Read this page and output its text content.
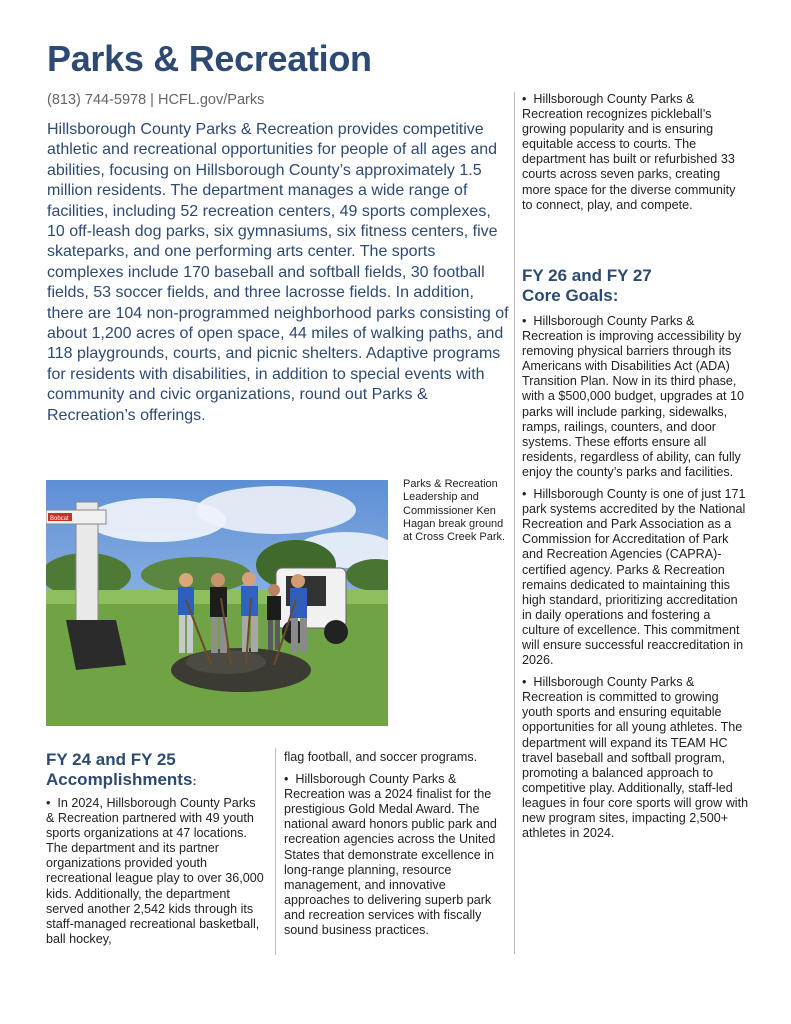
Parks & Recreation
(813) 744-5978 | HCFL.gov/Parks
Hillsborough County Parks & Recreation provides competitive athletic and recreational opportunities for people of all ages and abilities, focusing on Hillsborough County’s approximately 1.5 million residents. The department manages a wide range of facilities, including 52 recreation centers, 49 sports complexes, 10 off-leash dog parks, six gymnasiums, six fitness centers, five skateparks, and one performing arts center. The sports complexes include 170 baseball and softball fields, 30 football fields, 53 soccer fields, and three lacrosse fields. In addition, there are 104 non-programmed neighborhood parks consisting of about 1,200 acres of open space, 44 miles of walking paths, and 118 playgrounds, courts, and picnic shelters. Adaptive programs for residents with disabilities, in addition to special events with community and civic organizations, round out Parks & Recreation’s offerings.
Bobcat
Parks & Recreation Leadership and Commissioner Ken Hagan break ground at Cross Creek Park.
FY 24 and FY 25
Accomplishments:
• In 2024, Hillsborough County Parks & Recreation partnered with 49 youth sports organizations at 47 locations. The department and its partner organizations provided youth recreational league play to over 36,000 kids. Additionally, the department served another 2,542 kids through its staff-managed recreational basketball, ball hockey,

flag football, and soccer programs.

• Hillsborough County Parks & Recreation was a 2024 finalist for the prestigious Gold Medal Award. The national award honors public park and recreation agencies across the United States that demonstrate excellence in long-range planning, resource management, and innovative approaches to delivering superb park and recreation services with fiscally sound business practices.

• Hillsborough County Parks & Recreation recognizes pickleball’s growing popularity and is ensuring equitable access to courts. The department has built or refurbished 33 courts across seven parks, creating more space for the diverse community to connect, play, and compete.
FY 26 and FY 27
Core Goals:

• Hillsborough County Parks & Recreation is improving accessibility by removing physical barriers through its Americans with Disabilities Act (ADA) Transition Plan. Now in its third phase, with a $500,000 budget, upgrades at 10 parks will include parking, sidewalks, ramps, railings, counters, and door systems. These efforts ensure all residents, regardless of ability, can fully enjoy the county’s parks and facilities.

• Hillsborough County is one of just 171 park systems accredited by the National Recreation and Park Association as a Commission for Accreditation of Park and Recreation Agencies (CAPRA)-certified agency. Parks & Recreation remains dedicated to maintaining this high standard, prioritizing accreditation in daily operations and fostering a culture of excellence. This commitment will ensure successful reaccreditation in 2026.

• Hillsborough County Parks & Recreation is committed to growing youth sports and ensuring equitable opportunities for all young athletes. The department will expand its TEAM HC travel baseball and softball program, promoting a balanced approach to competitive play. Additionally, staff-led leagues in four core sports will grow with new program sites, impacting 2,500+ athletes in 2024.
